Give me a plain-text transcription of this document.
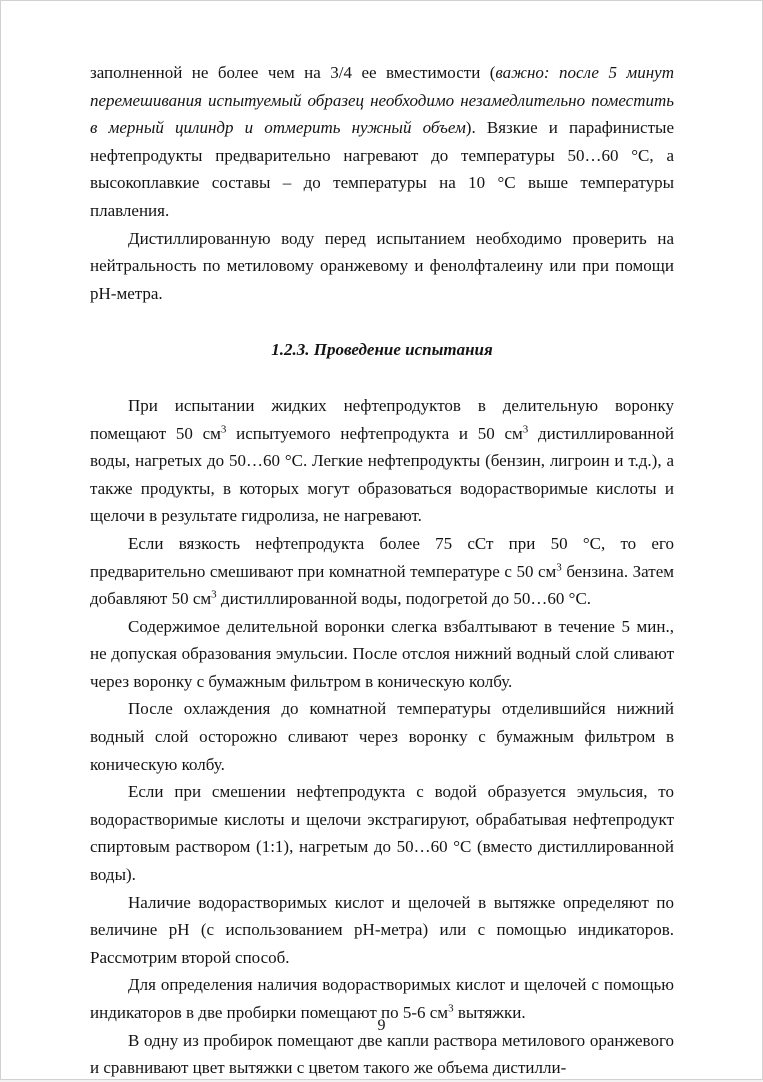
заполненной не более чем на 3/4 ее вместимости (важно: после 5 минут перемешивания испытуемый образец необходимо незамедлительно поместить в мерный цилиндр и отмерить нужный объем). Вязкие и парафинистые нефтепродукты предварительно нагревают до температуры 50…60 °С, а высокоплавкие составы – до температуры на 10 °С выше температуры плавления.

Дистиллированную воду перед испытанием необходимо проверить на нейтральность по метиловому оранжевому и фенолфталеину или при помощи рН-метра.

1.2.3. Проведение испытания

При испытании жидких нефтепродуктов в делительную воронку помещают 50 $см^3$ испытуемого нефтепродукта и 50 $см^3$ дистиллированной воды, нагретых до 50…60 °С. Легкие нефтепродукты (бензин, лигроин и т.д.), а также продукты, в которых могут образоваться водорастворимые кислоты и щелочи в результате гидролиза, не нагревают.

Если вязкость нефтепродукта более 75 сСт при 50 °С, то его предварительно смешивают при комнатной температуре с 50 $см^3$ бензина. Затем добавляют 50 $см^3$ дистиллированной воды, подогретой до 50…60 °С.

Содержимое делительной воронки слегка взбалтывают в течение 5 мин., не допуская образования эмульсии. После отслоя нижний водный слой сливают через воронку с бумажным фильтром в коническую колбу.

После охлаждения до комнатной температуры отделившийся нижний водный слой осторожно сливают через воронку с бумажным фильтром в коническую колбу.

Если при смешении нефтепродукта с водой образуется эмульсия, то водорастворимые кислоты и щелочи экстрагируют, обрабатывая нефтепродукт спиртовым раствором (1:1), нагретым до 50…60 °С (вместо дистиллированной воды).

Наличие водорастворимых кислот и щелочей в вытяжке определяют по величине рН (с использованием рН-метра) или с помощью индикаторов. Рассмотрим второй способ.

Для определения наличия водорастворимых кислот и щелочей с помощью индикаторов в две пробирки помещают по 5-6 $см^3$ вытяжки.

В одну из пробирок помещают две капли раствора метилового оранжевого и сравнивают цвет вытяжки с цветом такого же объема дистилли-

9
